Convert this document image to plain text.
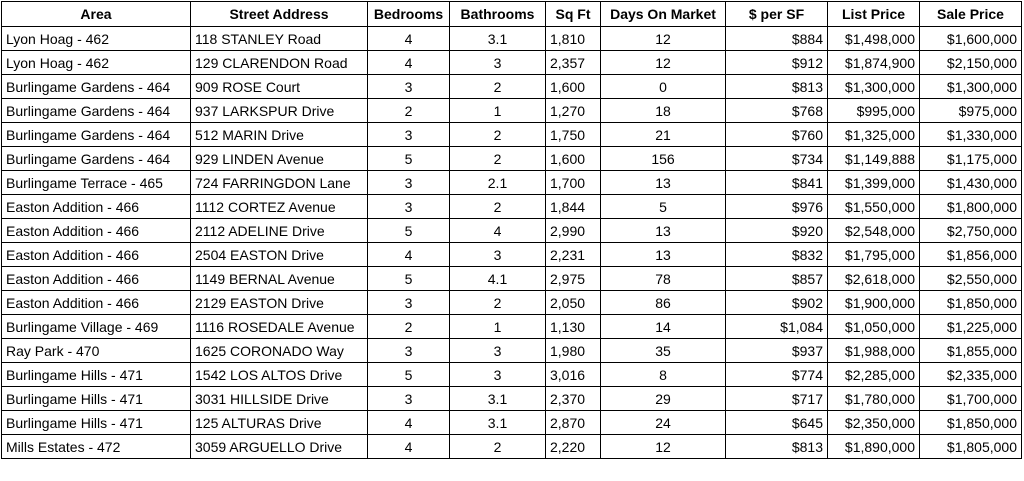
Area	Street Address	Bedrooms	Bathrooms	Sq Ft	Days On Market	$ per SF	List Price	Sale Price
Lyon Hoag - 462	118 STANLEY Road	4	3.1	1,810	12	$884	$1,498,000	$1,600,000
Lyon Hoag - 462	129 CLARENDON Road	4	3	2,357	12	$912	$1,874,900	$2,150,000
Burlingame Gardens - 464	909 ROSE Court	3	2	1,600	0	$813	$1,300,000	$1,300,000
Burlingame Gardens - 464	937 LARKSPUR Drive	2	1	1,270	18	$768	$995,000	$975,000
Burlingame Gardens - 464	512 MARIN Drive	3	2	1,750	21	$760	$1,325,000	$1,330,000
Burlingame Gardens - 464	929 LINDEN Avenue	5	2	1,600	156	$734	$1,149,888	$1,175,000
Burlingame Terrace - 465	724 FARRINGDON Lane	3	2.1	1,700	13	$841	$1,399,000	$1,430,000
Easton Addition - 466	1112 CORTEZ Avenue	3	2	1,844	5	$976	$1,550,000	$1,800,000
Easton Addition - 466	2112 ADELINE Drive	5	4	2,990	13	$920	$2,548,000	$2,750,000
Easton Addition - 466	2504 EASTON Drive	4	3	2,231	13	$832	$1,795,000	$1,856,000
Easton Addition - 466	1149 BERNAL Avenue	5	4.1	2,975	78	$857	$2,618,000	$2,550,000
Easton Addition - 466	2129 EASTON Drive	3	2	2,050	86	$902	$1,900,000	$1,850,000
Burlingame Village - 469	1116 ROSEDALE Avenue	2	1	1,130	14	$1,084	$1,050,000	$1,225,000
Ray Park - 470	1625 CORONADO Way	3	3	1,980	35	$937	$1,988,000	$1,855,000
Burlingame Hills - 471	1542 LOS ALTOS Drive	5	3	3,016	8	$774	$2,285,000	$2,335,000
Burlingame Hills - 471	3031 HILLSIDE Drive	3	3.1	2,370	29	$717	$1,780,000	$1,700,000
Burlingame Hills - 471	125 ALTURAS Drive	4	3.1	2,870	24	$645	$2,350,000	$1,850,000
Mills Estates - 472	3059 ARGUELLO Drive	4	2	2,220	12	$813	$1,890,000	$1,805,000
